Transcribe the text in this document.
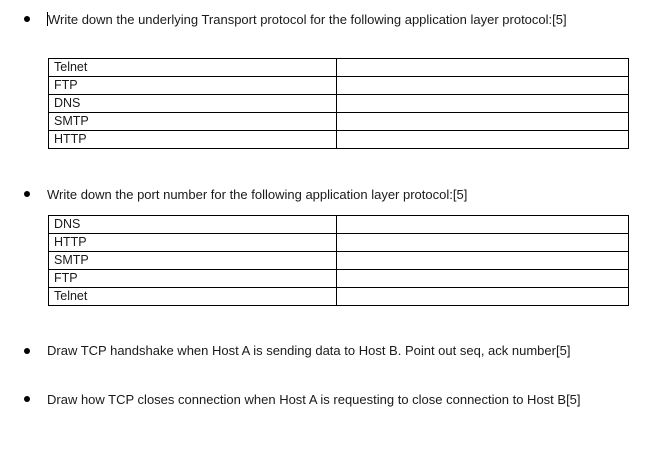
Write down the underlying Transport protocol for the following application layer protocol:[5]
Telnet	
FTP	
DNS	
SMTP	
HTTP	
Write down the port number for the following application layer protocol:[5]
DNS	
HTTP	
SMTP	
FTP	
Telnet	
Draw TCP handshake when Host A is sending data to Host B. Point out seq, ack number[5]
Draw how TCP closes connection when Host A is requesting to close connection to Host B[5]
